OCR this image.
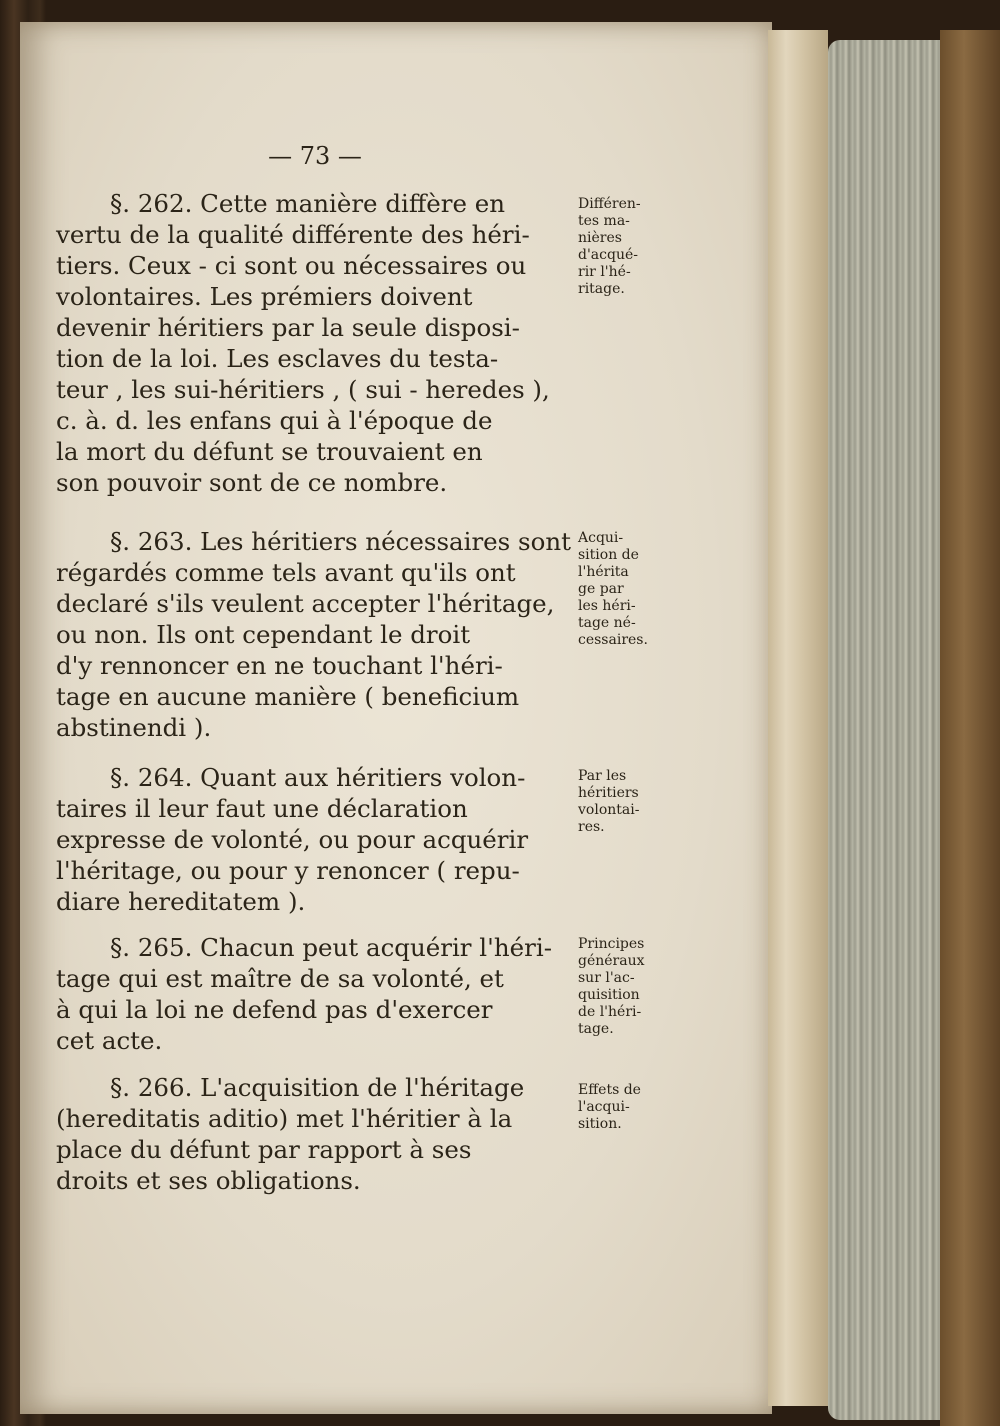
— 73 —
§. 262. Cette manière diffère en
vertu de la qualité différente des héri-
tiers. Ceux - ci sont ou nécessaires ou
volontaires. Les prémiers doivent
devenir héritiers par la seule disposi-
tion de la loi. Les esclaves du testa-
teur , les sui-héritiers , ( sui - heredes ),
c. à. d. les enfans qui à l'époque de
la mort du défunt se trouvaient en
son pouvoir sont de ce nombre.
§. 263. Les héritiers nécessaires sont
régardés comme tels avant qu'ils ont
declaré s'ils veulent accepter l'héritage,
ou non. Ils ont cependant le droit
d'y rennoncer en ne touchant l'héri-
tage en aucune manière ( beneficium
abstinendi ).
§. 264. Quant aux héritiers volon-
taires il leur faut une déclaration
expresse de volonté, ou pour acquérir
l'héritage, ou pour y renoncer ( repu-
diare hereditatem ).
§. 265. Chacun peut acquérir l'héri-
tage qui est maître de sa volonté, et
à qui la loi ne defend pas d'exercer
cet acte.
§. 266. L'acquisition de l'héritage
(hereditatis aditio) met l'héritier à la
place du défunt par rapport à ses
droits et ses obligations.
Différen-
tes ma-
nières
d'acqué-
rir l'hé-
ritage.
Acqui-
sition de
l'hérita
ge par
les héri-
tage né-
cessaires.
Par les
héritiers
volontai-
res.
Principes
généraux
sur l'ac-
quisition
de l'héri-
tage.
Effets de
l'acqui-
sition.
